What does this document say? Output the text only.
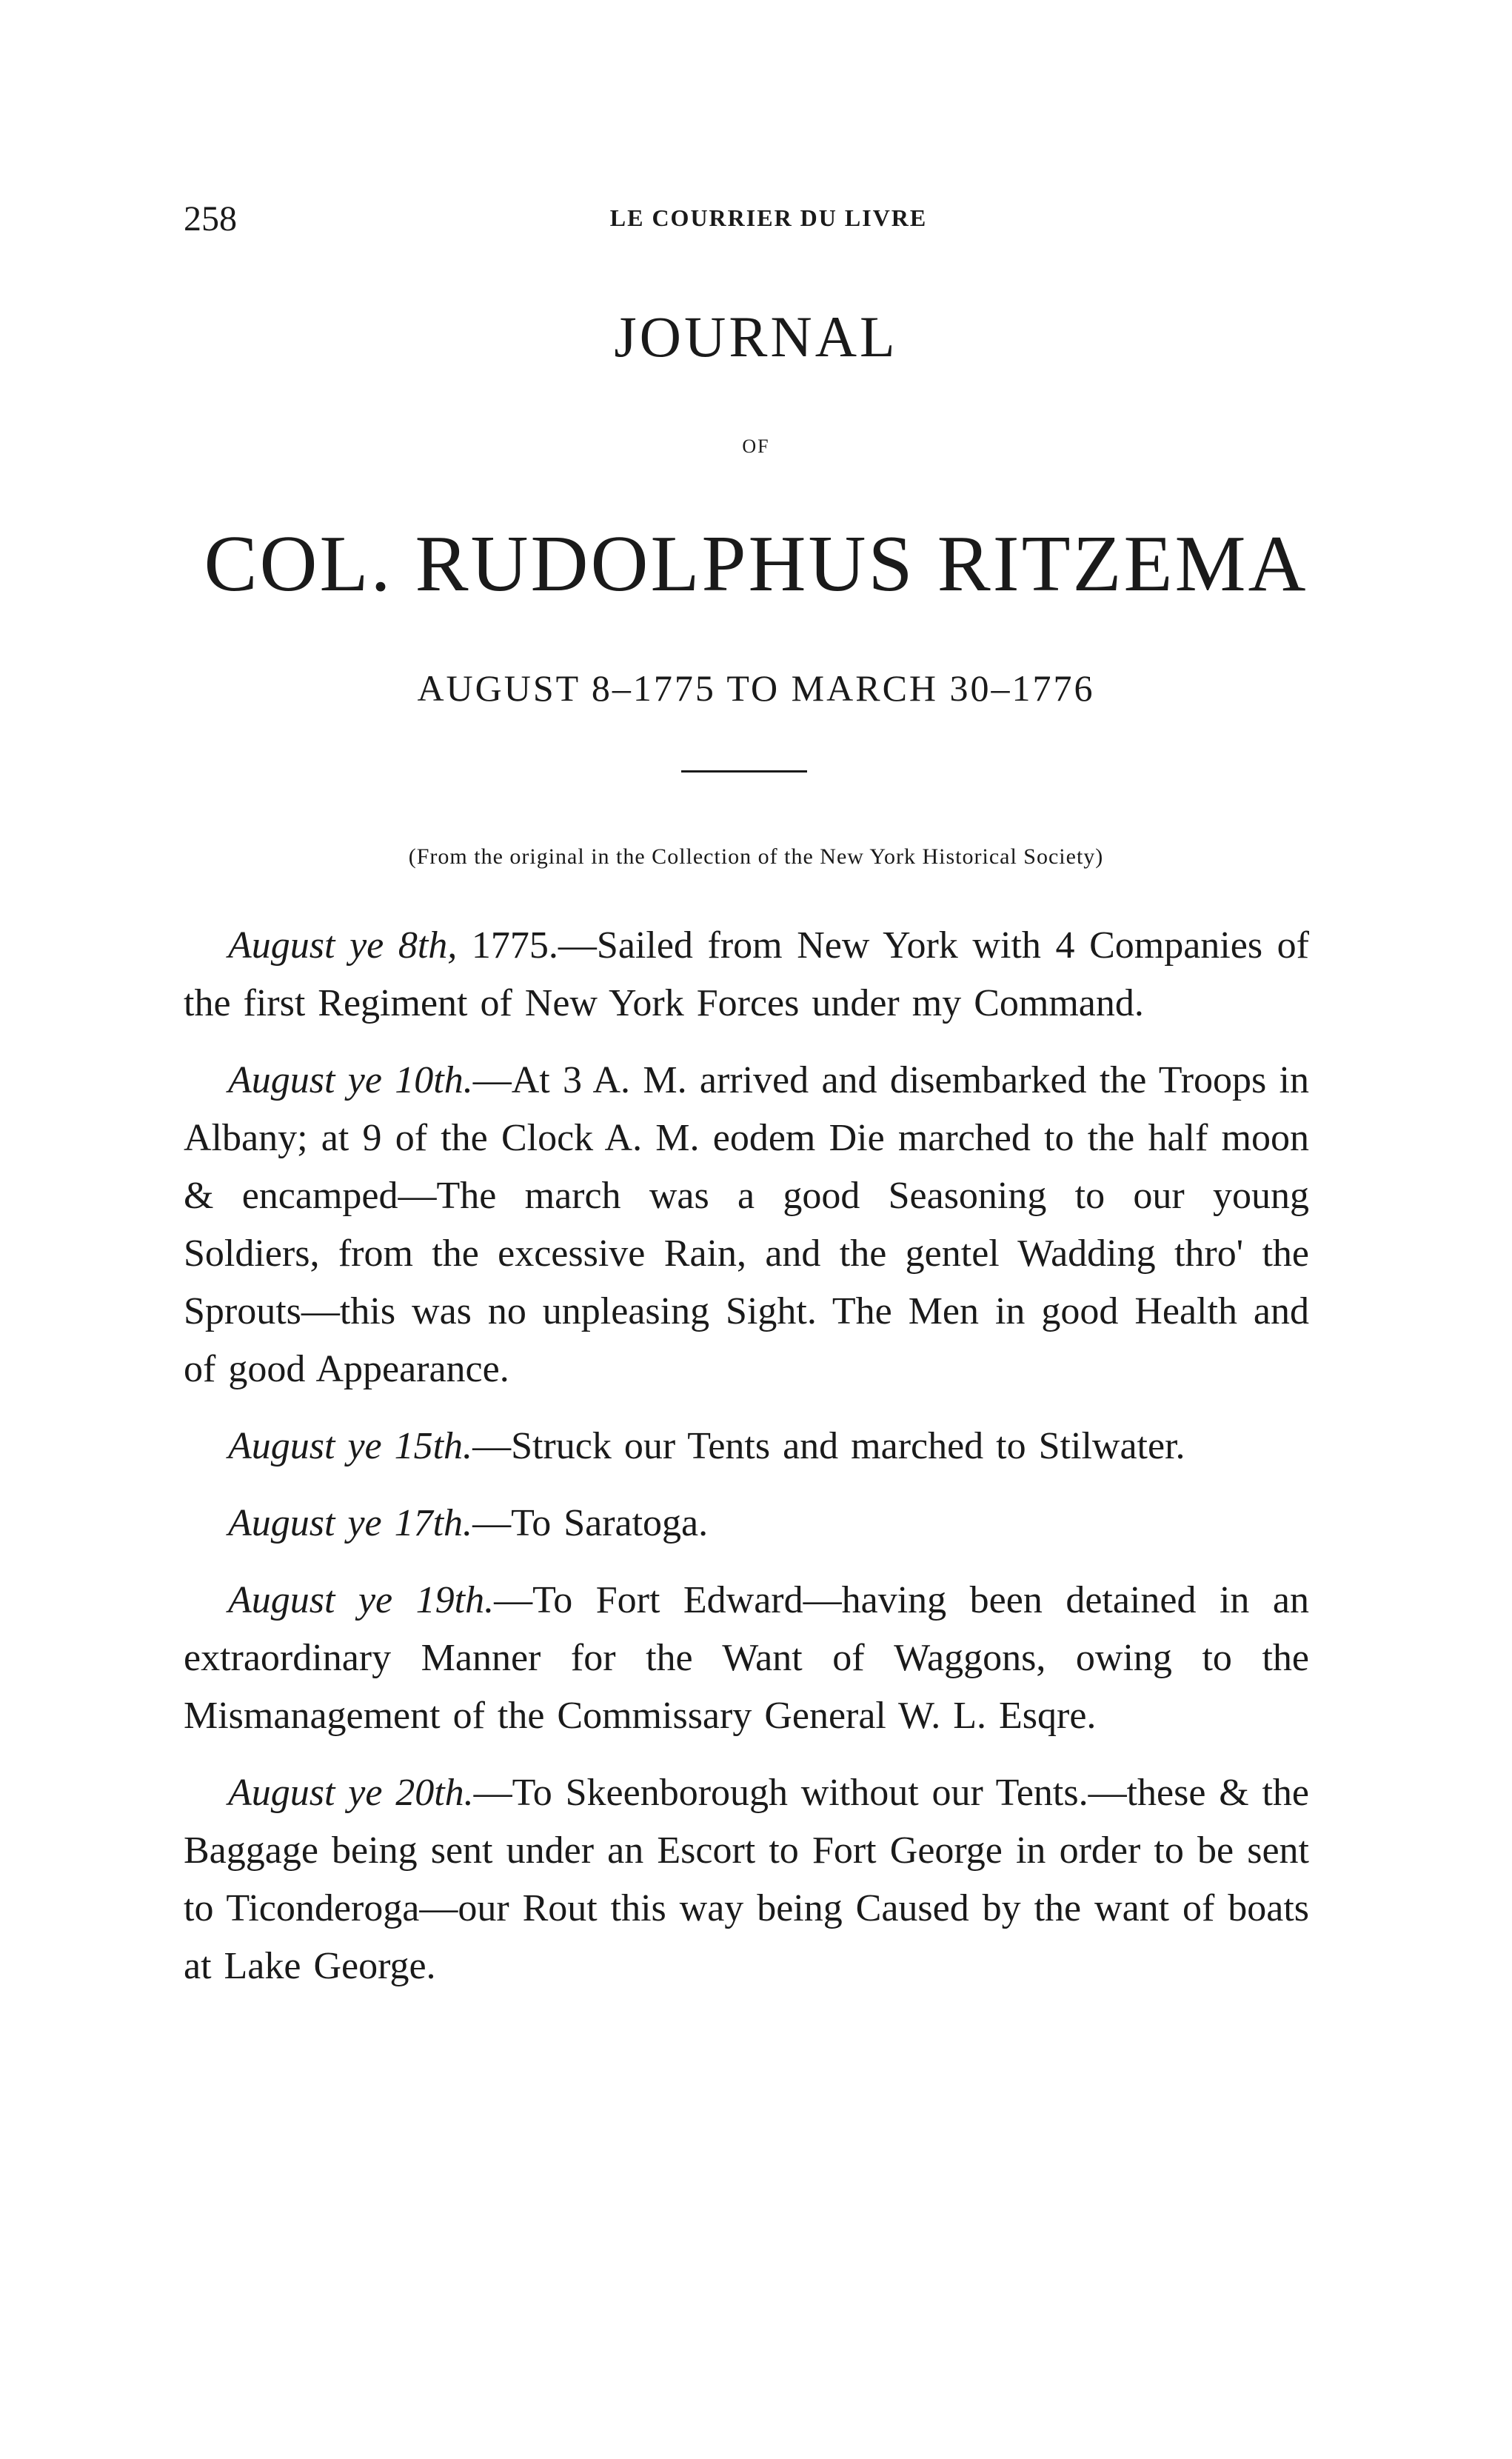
258	LE COURRIER DU LIVRE
JOURNAL
OF
COL. RUDOLPHUS RITZEMA
AUGUST 8–1775 TO MARCH 30–1776
(From the original in the Collection of the New York Historical Society)

August ye 8th, 1775.—Sailed from New York with 4 Companies of the first Regiment of New York Forces under my Command.

August ye 10th.—At 3 A. M. arrived and disembarked the Troops in Albany; at 9 of the Clock A. M. eodem Die marched to the half moon & encamped—The march was a good Seasoning to our young Soldiers, from the excessive Rain, and the gentel Wadding thro' the Sprouts—this was no unpleasing Sight. The Men in good Health and of good Appearance.

August ye 15th.—Struck our Tents and marched to Stilwater.

August ye 17th.—To Saratoga.

August ye 19th.—To Fort Edward—having been detained in an extraordinary Manner for the Want of Waggons, owing to the Mismanagement of the Commissary General W. L. Esqre.

August ye 20th.—To Skeenborough without our Tents.—these & the Baggage being sent under an Escort to Fort George in order to be sent to Ticonderoga—our Rout this way being Caused by the want of boats at Lake George.
